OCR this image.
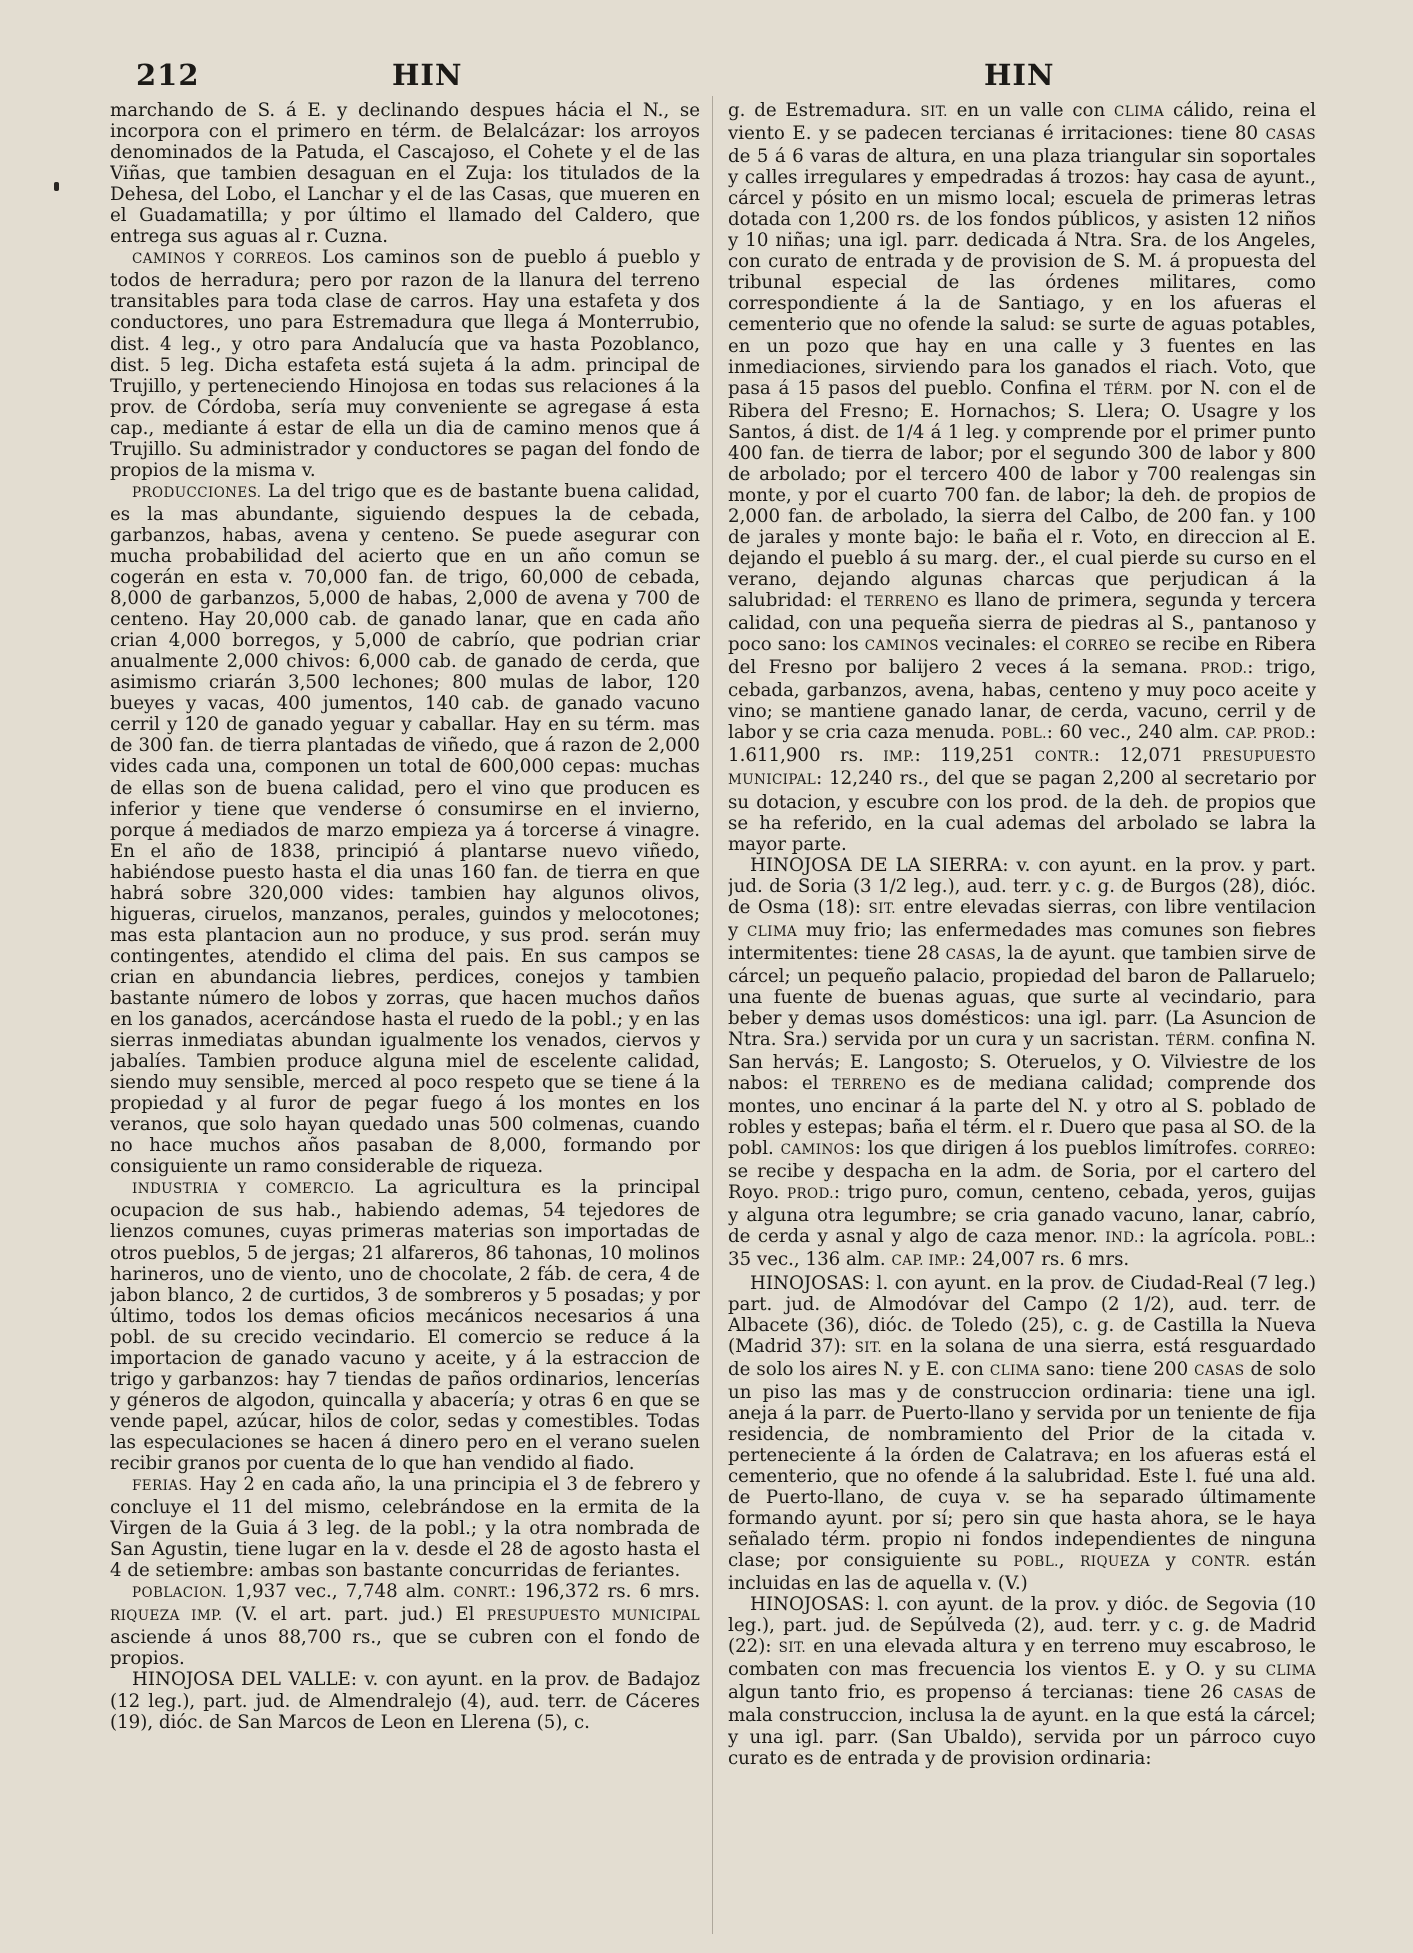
212	HIN	HIN

marchando de S. á E. y declinando despues hácia el N., se incorpora con el primero en térm. de Belalcázar: los arroyos denominados de la Patuda, el Cascajoso, el Cohete y el de las Viñas, que tambien desaguan en el Zuja: los titulados de la Dehesa, del Lobo, el Lanchar y el de las Casas, que mueren en el Guadamatilla; y por último el llamado del Caldero, que entrega sus aguas al r. Cuzna.

CAMINOS Y CORREOS. Los caminos son de pueblo á pueblo y todos de herradura; pero por razon de la llanura del terreno transitables para toda clase de carros. Hay una estafeta y dos conductores, uno para Estremadura que llega á Monterrubio, dist. 4 leg., y otro para Andalucía que va hasta Pozoblanco, dist. 5 leg. Dicha estafeta está sujeta á la adm. principal de Trujillo, y perteneciendo Hinojosa en todas sus relaciones á la prov. de Córdoba, sería muy conveniente se agregase á esta cap., mediante á estar de ella un dia de camino menos que á Trujillo. Su administrador y conductores se pagan del fondo de propios de la misma v.

PRODUCCIONES. La del trigo que es de bastante buena calidad, es la mas abundante, siguiendo despues la de cebada, garbanzos, habas, avena y centeno. Se puede asegurar con mucha probabilidad del acierto que en un año comun se cogerán en esta v. 70,000 fan. de trigo, 60,000 de cebada, 8,000 de garbanzos, 5,000 de habas, 2,000 de avena y 700 de centeno. Hay 20,000 cab. de ganado lanar, que en cada año crian 4,000 borregos, y 5,000 de cabrío, que podrian criar anualmente 2,000 chivos: 6,000 cab. de ganado de cerda, que asimismo criarán 3,500 lechones; 800 mulas de labor, 120 bueyes y vacas, 400 jumentos, 140 cab. de ganado vacuno cerril y 120 de ganado yeguar y caballar. Hay en su térm. mas de 300 fan. de tierra plantadas de viñedo, que á razon de 2,000 vides cada una, componen un total de 600,000 cepas: muchas de ellas son de buena calidad, pero el vino que producen es inferior y tiene que venderse ó consumirse en el invierno, porque á mediados de marzo empieza ya á torcerse á vinagre. En el año de 1838, principió á plantarse nuevo viñedo, habiéndose puesto hasta el dia unas 160 fan. de tierra en que habrá sobre 320,000 vides: tambien hay algunos olivos, higueras, ciruelos, manzanos, perales, guindos y melocotones; mas esta plantacion aun no produce, y sus prod. serán muy contingentes, atendido el clima del pais. En sus campos se crian en abundancia liebres, perdices, conejos y tambien bastante número de lobos y zorras, que hacen muchos daños en los ganados, acercándose hasta el ruedo de la pobl.; y en las sierras inmediatas abundan igualmente los venados, ciervos y jabalíes. Tambien produce alguna miel de escelente calidad, siendo muy sensible, merced al poco respeto que se tiene á la propiedad y al furor de pegar fuego á los montes en los veranos, que solo hayan quedado unas 500 colmenas, cuando no hace muchos años pasaban de 8,000, formando por consiguiente un ramo considerable de riqueza.

INDUSTRIA Y COMERCIO. La agricultura es la principal ocupacion de sus hab., habiendo ademas, 54 tejedores de lienzos comunes, cuyas primeras materias son importadas de otros pueblos, 5 de jergas; 21 alfareros, 86 tahonas, 10 molinos harineros, uno de viento, uno de chocolate, 2 fáb. de cera, 4 de jabon blanco, 2 de curtidos, 3 de sombreros y 5 posadas; y por último, todos los demas oficios mecánicos necesarios á una pobl. de su crecido vecindario. El comercio se reduce á la importacion de ganado vacuno y aceite, y á la estraccion de trigo y garbanzos: hay 7 tiendas de paños ordinarios, lencerías y géneros de algodon, quincalla y abacería; y otras 6 en que se vende papel, azúcar, hilos de color, sedas y comestibles. Todas las especulaciones se hacen á dinero pero en el verano suelen recibir granos por cuenta de lo que han vendido al fiado.

FERIAS. Hay 2 en cada año, la una principia el 3 de febrero y concluye el 11 del mismo, celebrándose en la ermita de la Virgen de la Guia á 3 leg. de la pobl.; y la otra nombrada de San Agustin, tiene lugar en la v. desde el 28 de agosto hasta el 4 de setiembre: ambas son bastante concurridas de feriantes.

POBLACION. 1,937 vec., 7,748 alm. CONRT.: 196,372 rs. 6 mrs. RIQUEZA IMP. (V. el art. part. jud.) El PRESUPUESTO MUNICIPAL asciende á unos 88,700 rs., que se cubren con el fondo de propios.

HINOJOSA DEL VALLE: v. con ayunt. en la prov. de Badajoz (12 leg.), part. jud. de Almendralejo (4), aud. terr. de Cáceres (19), dióc. de San Marcos de Leon en Llerena (5), c.

g. de Estremadura. SIT. en un valle con CLIMA cálido, reina el viento E. y se padecen tercianas é irritaciones: tiene 80 CASAS de 5 á 6 varas de altura, en una plaza triangular sin soportales y calles irregulares y empedradas á trozos: hay casa de ayunt., cárcel y pósito en un mismo local; escuela de primeras letras dotada con 1,200 rs. de los fondos públicos, y asisten 12 niños y 10 niñas; una igl. parr. dedicada á Ntra. Sra. de los Angeles, con curato de entrada y de provision de S. M. á propuesta del tribunal especial de las órdenes militares, como correspondiente á la de Santiago, y en los afueras el cementerio que no ofende la salud: se surte de aguas potables, en un pozo que hay en una calle y 3 fuentes en las inmediaciones, sirviendo para los ganados el riach. Voto, que pasa á 15 pasos del pueblo. Confina el TÉRM. por N. con el de Ribera del Fresno; E. Hornachos; S. Llera; O. Usagre y los Santos, á dist. de 1/4 á 1 leg. y comprende por el primer punto 400 fan. de tierra de labor; por el segundo 300 de labor y 800 de arbolado; por el tercero 400 de labor y 700 realengas sin monte, y por el cuarto 700 fan. de labor; la deh. de propios de 2,000 fan. de arbolado, la sierra del Calbo, de 200 fan. y 100 de jarales y monte bajo: le baña el r. Voto, en direccion al E. dejando el pueblo á su marg. der., el cual pierde su curso en el verano, dejando algunas charcas que perjudican á la salubridad: el TERRENO es llano de primera, segunda y tercera calidad, con una pequeña sierra de piedras al S., pantanoso y poco sano: los CAMINOS vecinales: el CORREO se recibe en Ribera del Fresno por balijero 2 veces á la semana. PROD.: trigo, cebada, garbanzos, avena, habas, centeno y muy poco aceite y vino; se mantiene ganado lanar, de cerda, vacuno, cerril y de labor y se cria caza menuda. POBL.: 60 vec., 240 alm. CAP. PROD.: 1.611,900 rs. IMP.: 119,251 CONTR.: 12,071 PRESUPUESTO MUNICIPAL: 12,240 rs., del que se pagan 2,200 al secretario por su dotacion, y escubre con los prod. de la deh. de propios que se ha referido, en la cual ademas del arbolado se labra la mayor parte.

HINOJOSA DE LA SIERRA: v. con ayunt. en la prov. y part. jud. de Soria (3 1/2 leg.), aud. terr. y c. g. de Burgos (28), dióc. de Osma (18): SIT. entre elevadas sierras, con libre ventilacion y CLIMA muy frio; las enfermedades mas comunes son fiebres intermitentes: tiene 28 CASAS, la de ayunt. que tambien sirve de cárcel; un pequeño palacio, propiedad del baron de Pallaruelo; una fuente de buenas aguas, que surte al vecindario, para beber y demas usos domésticos: una igl. parr. (La Asuncion de Ntra. Sra.) servida por un cura y un sacristan. TÉRM. confina N. San hervás; E. Langosto; S. Oteruelos, y O. Vilviestre de los nabos: el TERRENO es de mediana calidad; comprende dos montes, uno encinar á la parte del N. y otro al S. poblado de robles y estepas; baña el térm. el r. Duero que pasa al SO. de la pobl. CAMINOS: los que dirigen á los pueblos limítrofes. CORREO: se recibe y despacha en la adm. de Soria, por el cartero del Royo. PROD.: trigo puro, comun, centeno, cebada, yeros, guijas y alguna otra legumbre; se cria ganado vacuno, lanar, cabrío, de cerda y asnal y algo de caza menor. IND.: la agrícola. POBL.: 35 vec., 136 alm. CAP. IMP.: 24,007 rs. 6 mrs.

HINOJOSAS: l. con ayunt. en la prov. de Ciudad-Real (7 leg.) part. jud. de Almodóvar del Campo (2 1/2), aud. terr. de Albacete (36), dióc. de Toledo (25), c. g. de Castilla la Nueva (Madrid 37): SIT. en la solana de una sierra, está resguardado de solo los aires N. y E. con CLIMA sano: tiene 200 CASAS de solo un piso las mas y de construccion ordinaria: tiene una igl. aneja á la parr. de Puerto-llano y servida por un teniente de fija residencia, de nombramiento del Prior de la citada v. perteneciente á la órden de Calatrava; en los afueras está el cementerio, que no ofende á la salubridad. Este l. fué una ald. de Puerto-llano, de cuya v. se ha separado últimamente formando ayunt. por sí; pero sin que hasta ahora, se le haya señalado térm. propio ni fondos independientes de ninguna clase; por consiguiente su POBL., RIQUEZA y CONTR. están incluidas en las de aquella v. (V.)

HINOJOSAS: l. con ayunt. de la prov. y dióc. de Segovia (10 leg.), part. jud. de Sepúlveda (2), aud. terr. y c. g. de Madrid (22): SIT. en una elevada altura y en terreno muy escabroso, le combaten con mas frecuencia los vientos E. y O. y su CLIMA algun tanto frio, es propenso á tercianas: tiene 26 CASAS de mala construccion, inclusa la de ayunt. en la que está la cárcel; y una igl. parr. (San Ubaldo), servida por un párroco cuyo curato es de entrada y de provision ordinaria:
